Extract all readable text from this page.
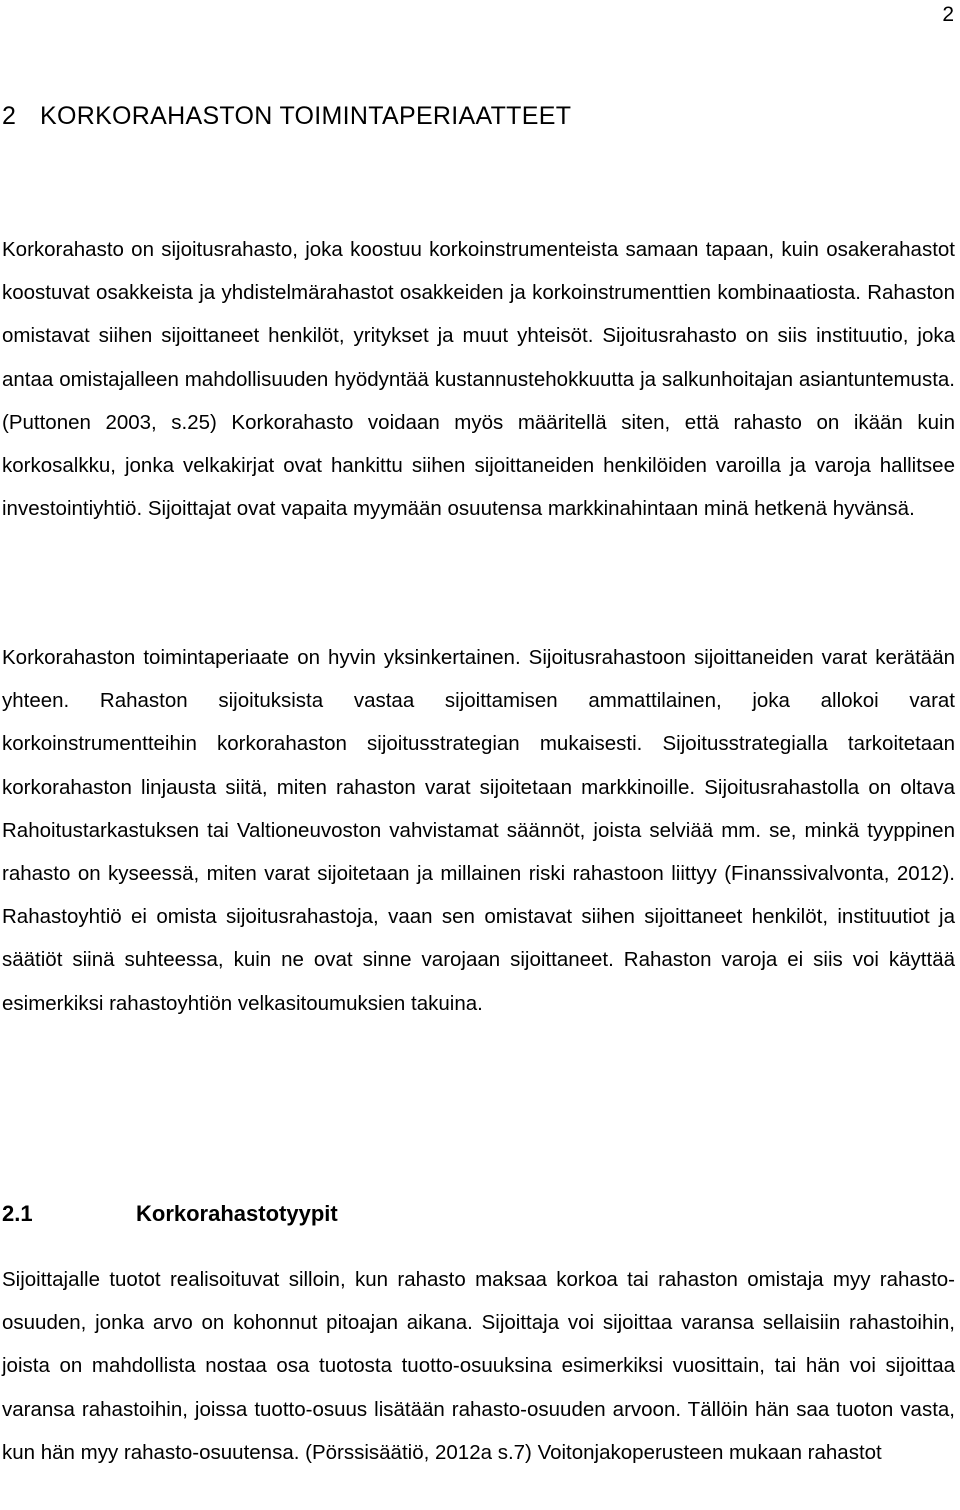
2
2 KORKORAHASTON TOIMINTAPERIAATTEET

Korkorahasto on sijoitusrahasto, joka koostuu korkoinstrumenteista samaan tapaan, kuin osakerahastot koostuvat osakkeista ja yhdistelmärahastot osakkeiden ja korkoinstrumenttien kombinaatiosta. Rahaston omistavat siihen sijoittaneet henkilöt, yritykset ja muut yhteisöt. Sijoitusrahasto on siis instituutio, joka antaa omistajalleen mahdollisuuden hyödyntää kustannustehokkuutta ja salkunhoitajan asiantuntemusta. (Puttonen 2003, s.25) Korkorahasto voidaan myös määritellä siten, että rahasto on ikään kuin korkosalkku, jonka velkakirjat ovat hankittu siihen sijoittaneiden henkilöiden varoilla ja varoja hallitsee investointiyhtiö. Sijoittajat ovat vapaita myymään osuutensa markkinahintaan minä hetkenä hyvänsä.

Korkorahaston toimintaperiaate on hyvin yksinkertainen. Sijoitusrahastoon sijoittaneiden varat kerätään yhteen. Rahaston sijoituksista vastaa sijoittamisen ammattilainen, joka allokoi varat korkoinstrumentteihin korkorahaston sijoitusstrategian mukaisesti. Sijoitusstrategialla tarkoitetaan korkorahaston linjausta siitä, miten rahaston varat sijoitetaan markkinoille. Sijoitusrahastolla on oltava Rahoitustarkastuksen tai Valtioneuvoston vahvistamat säännöt, joista selviää mm. se, minkä tyyppinen rahasto on kyseessä, miten varat sijoitetaan ja millainen riski rahastoon liittyy (Finanssivalvonta, 2012). Rahastoyhtiö ei omista sijoitusrahastoja, vaan sen omistavat siihen sijoittaneet henkilöt, instituutiot ja säätiöt siinä suhteessa, kuin ne ovat sinne varojaan sijoittaneet. Rahaston varoja ei siis voi käyttää esimerkiksi rahastoyhtiön velkasitoumuksien takuina.

2.1	Korkorahastotyypit

Sijoittajalle tuotot realisoituvat silloin, kun rahasto maksaa korkoa tai rahaston omistaja myy rahasto-osuuden, jonka arvo on kohonnut pitoajan aikana. Sijoittaja voi sijoittaa varansa sellaisiin rahastoihin, joista on mahdollista nostaa osa tuotosta tuotto-osuuksina esimerkiksi vuosittain, tai hän voi sijoittaa varansa rahastoihin, joissa tuotto-osuus lisätään rahasto-osuuden arvoon. Tällöin hän saa tuoton vasta, kun hän myy rahasto-osuutensa. (Pörssisäätiö, 2012a s.7) Voitonjakoperusteen mukaan rahastot
